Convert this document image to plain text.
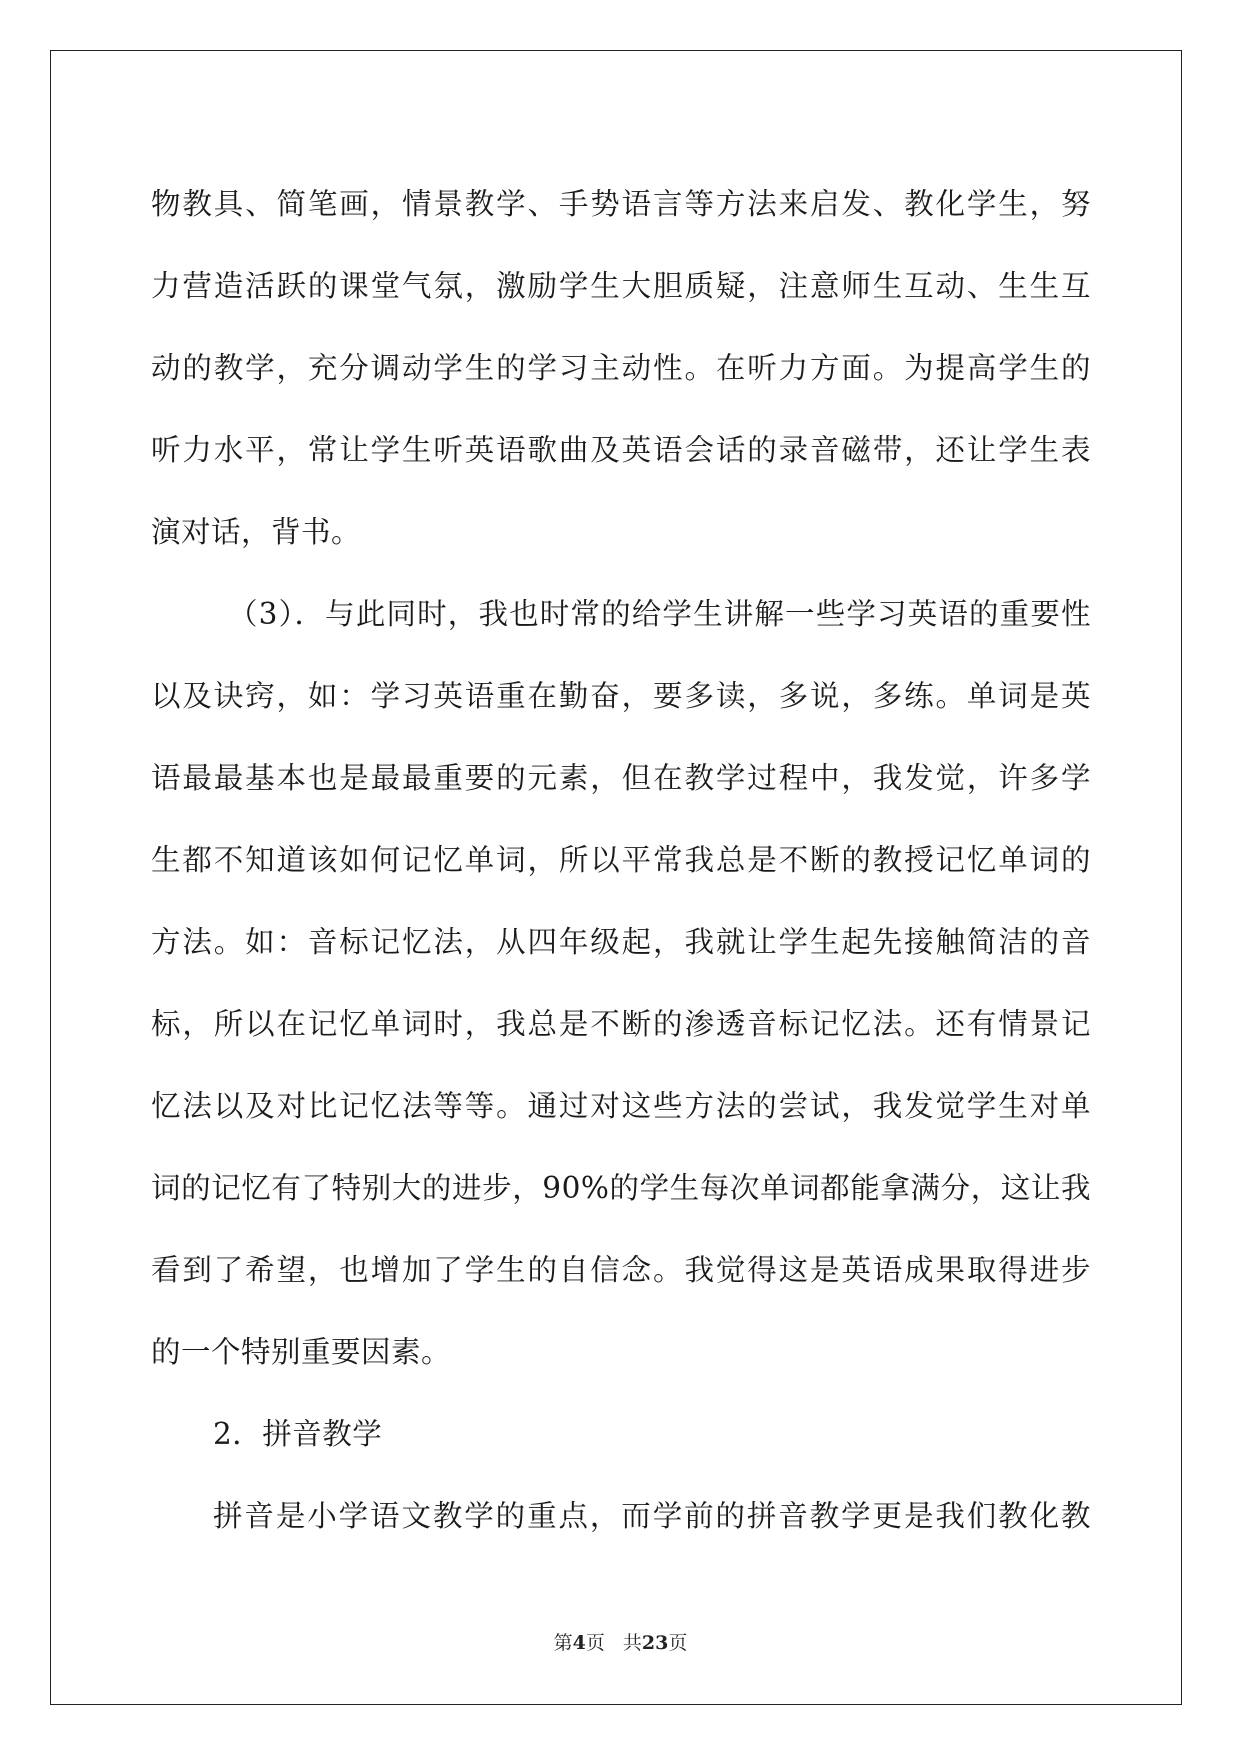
物教具、简笔画，情景教学、手势语言等方法来启发、教化学生，努
力营造活跃的课堂气氛，激励学生大胆质疑，注意师生互动、生生互
动的教学，充分调动学生的学习主动性。在听力方面。为提高学生的
听力水平，常让学生听英语歌曲及英语会话的录音磁带，还让学生表
演对话，背书。
（3）．与此同时，我也时常的给学生讲解一些学习英语的重要性
以及诀窍，如：学习英语重在勤奋，要多读，多说，多练。单词是英
语最最基本也是最最重要的元素，但在教学过程中，我发觉，许多学
生都不知道该如何记忆单词，所以平常我总是不断的教授记忆单词的
方法。如：音标记忆法，从四年级起，我就让学生起先接触简洁的音
标，所以在记忆单词时，我总是不断的渗透音标记忆法。还有情景记
忆法以及对比记忆法等等。通过对这些方法的尝试，我发觉学生对单
词的记忆有了特别大的进步，90%的学生每次单词都能拿满分，这让我
看到了希望，也增加了学生的自信念。我觉得这是英语成果取得进步
的一个特别重要因素。
2．拼音教学
拼音是小学语文教学的重点，而学前的拼音教学更是我们教化教
第4页 共23页
